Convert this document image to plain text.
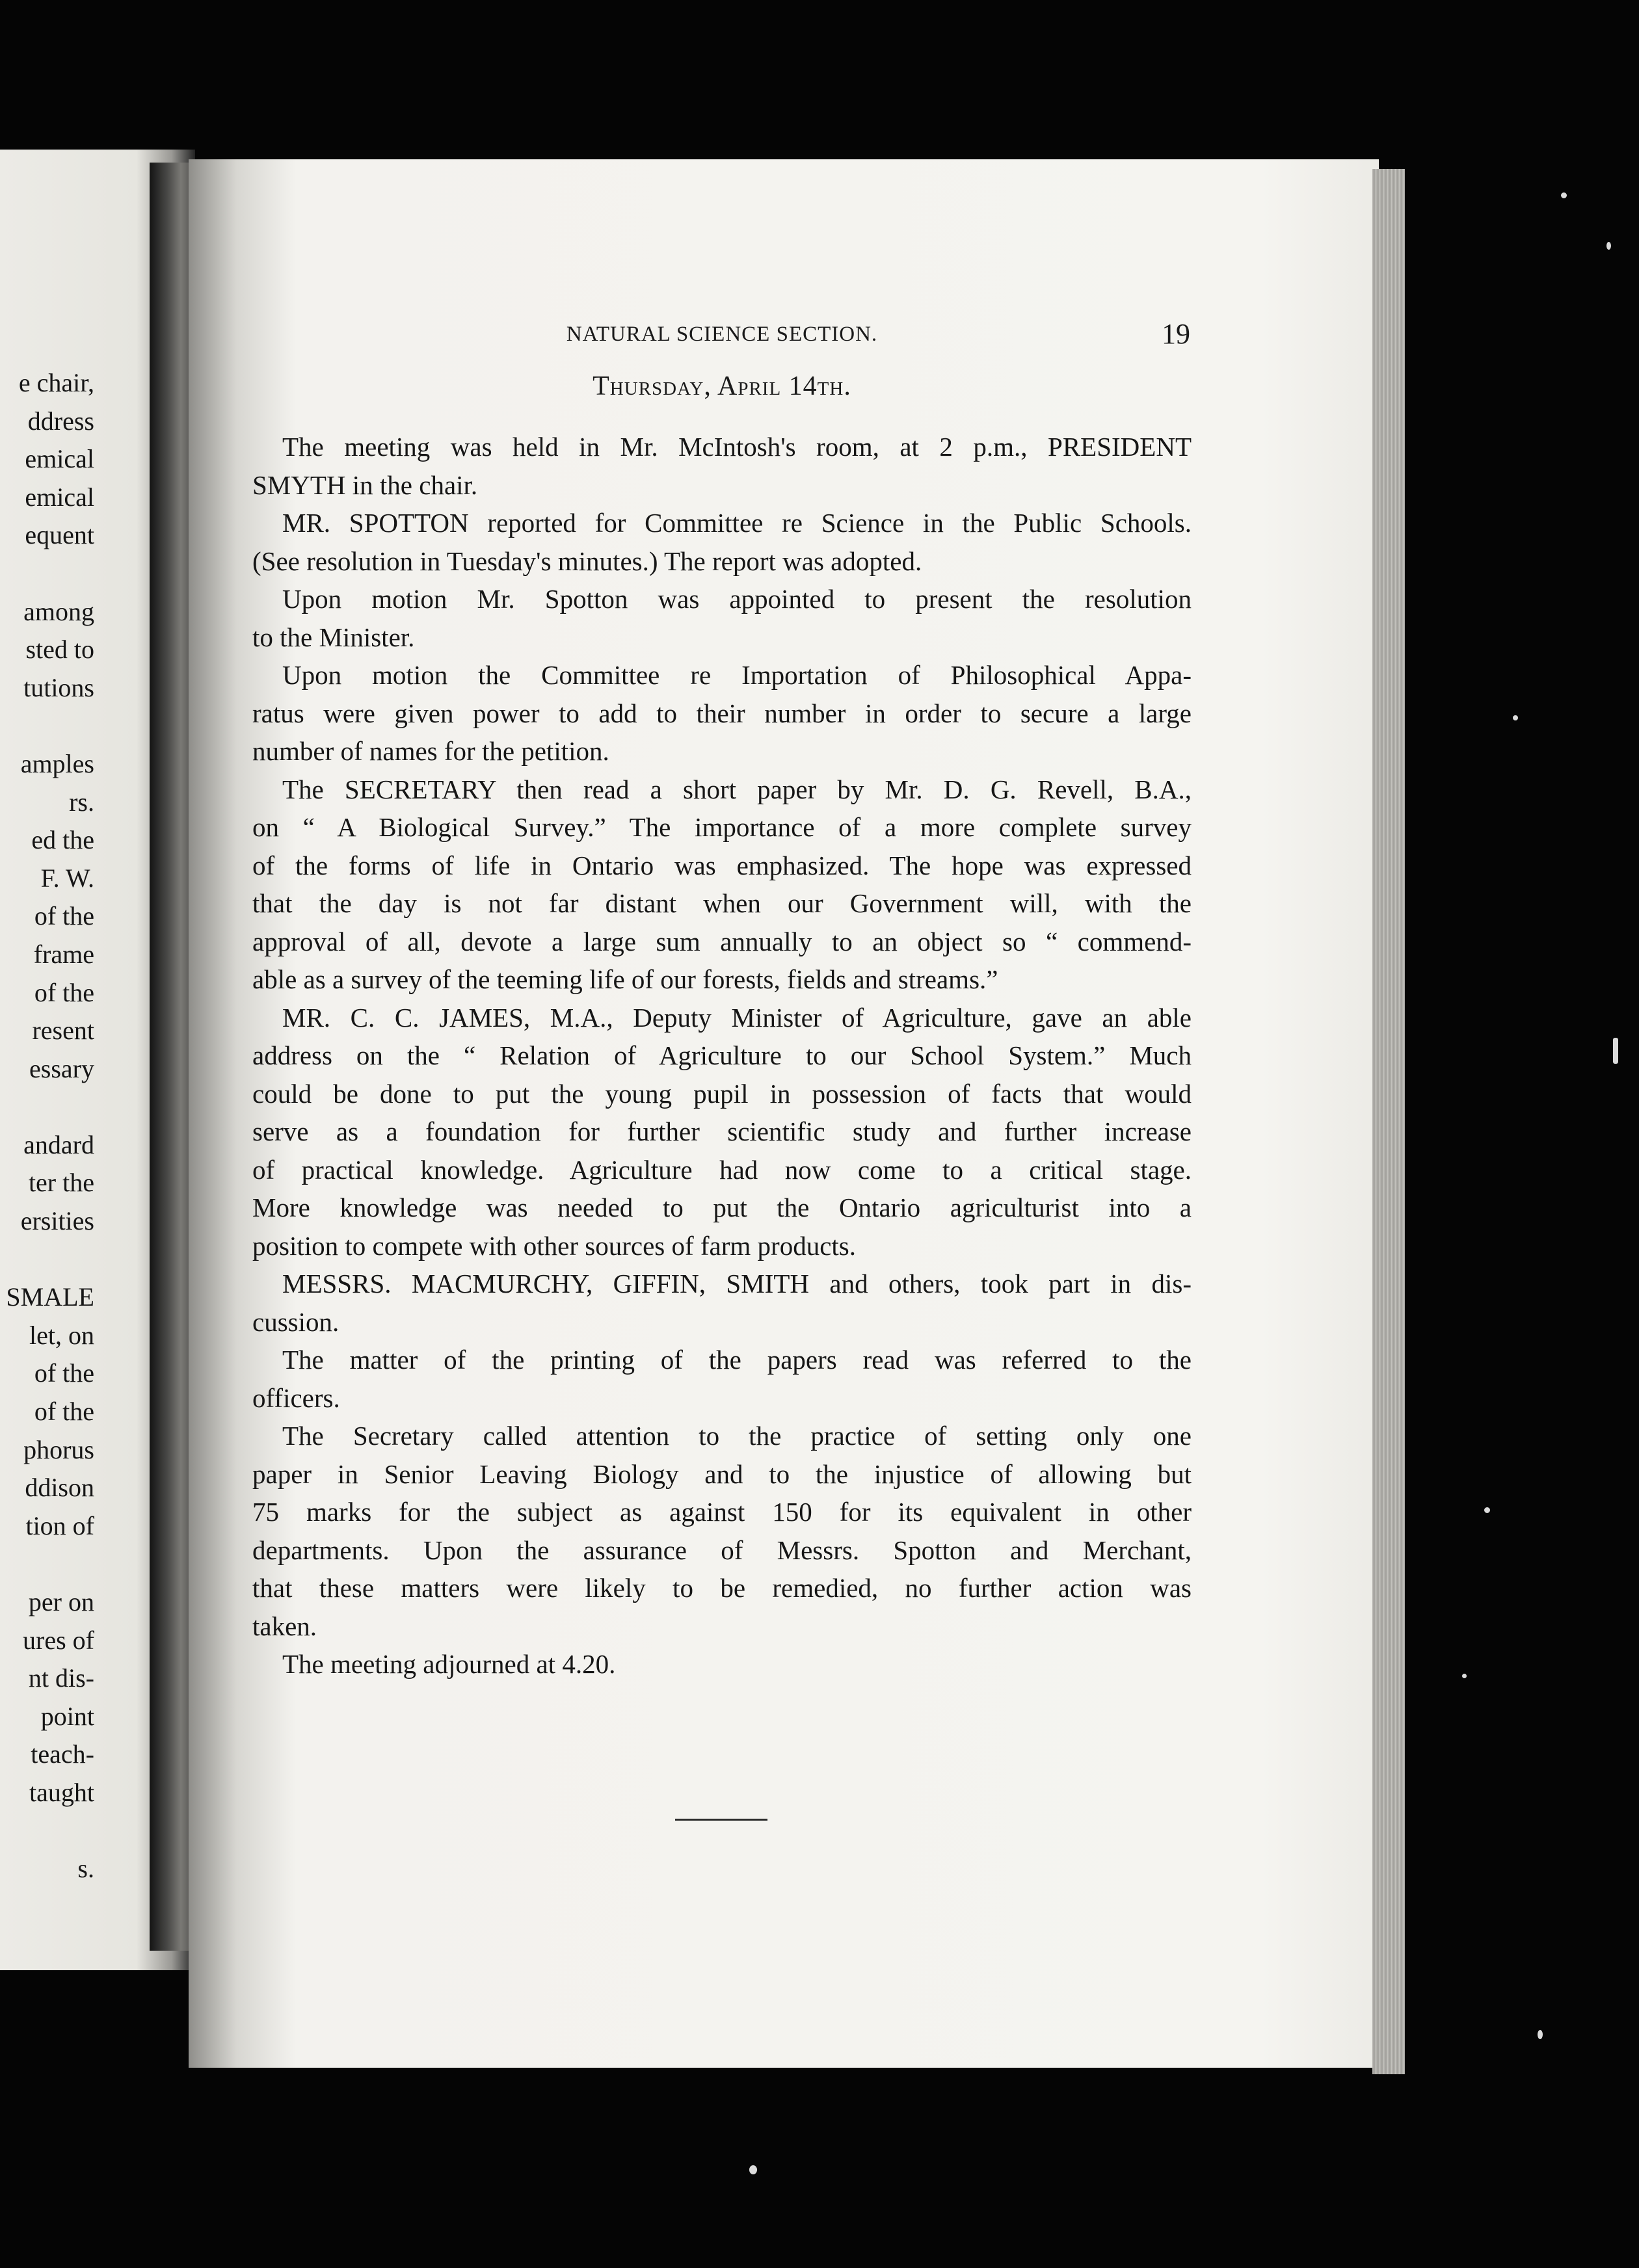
e chair,
ddress
emical
emical
equent
among
sted to
tutions
amples
rs.
ed the
F. W.
of the
frame
of the
resent
essary
andard
ter the
ersities
SMALE
let, on
of the
of the
phorus
ddison
tion of
per on
ures of
nt dis-
point
teach-
taught
s.
NATURAL SCIENCE SECTION.	19
Thursday, April 14th.
The meeting was held in Mr. McIntosh's room, at 2 p.m., PRESIDENT
SMYTH in the chair.
MR. SPOTTON reported for Committee re Science in the Public Schools.
(See resolution in Tuesday's minutes.) The report was adopted.
Upon motion Mr. Spotton was appointed to present the resolution
to the Minister.
Upon motion the Committee re Importation of Philosophical Appa-
ratus were given power to add to their number in order to secure a large
number of names for the petition.
The SECRETARY then read a short paper by Mr. D. G. Revell, B.A.,
on “ A Biological Survey.” The importance of a more complete survey
of the forms of life in Ontario was emphasized. The hope was expressed
that the day is not far distant when our Government will, with the
approval of all, devote a large sum annually to an object so “ commend-
able as a survey of the teeming life of our forests, fields and streams.”
MR. C. C. JAMES, M.A., Deputy Minister of Agriculture, gave an able
address on the “ Relation of Agriculture to our School System.” Much
could be done to put the young pupil in possession of facts that would
serve as a foundation for further scientific study and further increase
of practical knowledge. Agriculture had now come to a critical stage.
More knowledge was needed to put the Ontario agriculturist into a
position to compete with other sources of farm products.
MESSRS. MACMURCHY, GIFFIN, SMITH and others, took part in dis-
cussion.
The matter of the printing of the papers read was referred to the
officers.
The Secretary called attention to the practice of setting only one
paper in Senior Leaving Biology and to the injustice of allowing but
75 marks for the subject as against 150 for its equivalent in other
departments. Upon the assurance of Messrs. Spotton and Merchant,
that these matters were likely to be remedied, no further action was
taken.
The meeting adjourned at 4.20.
